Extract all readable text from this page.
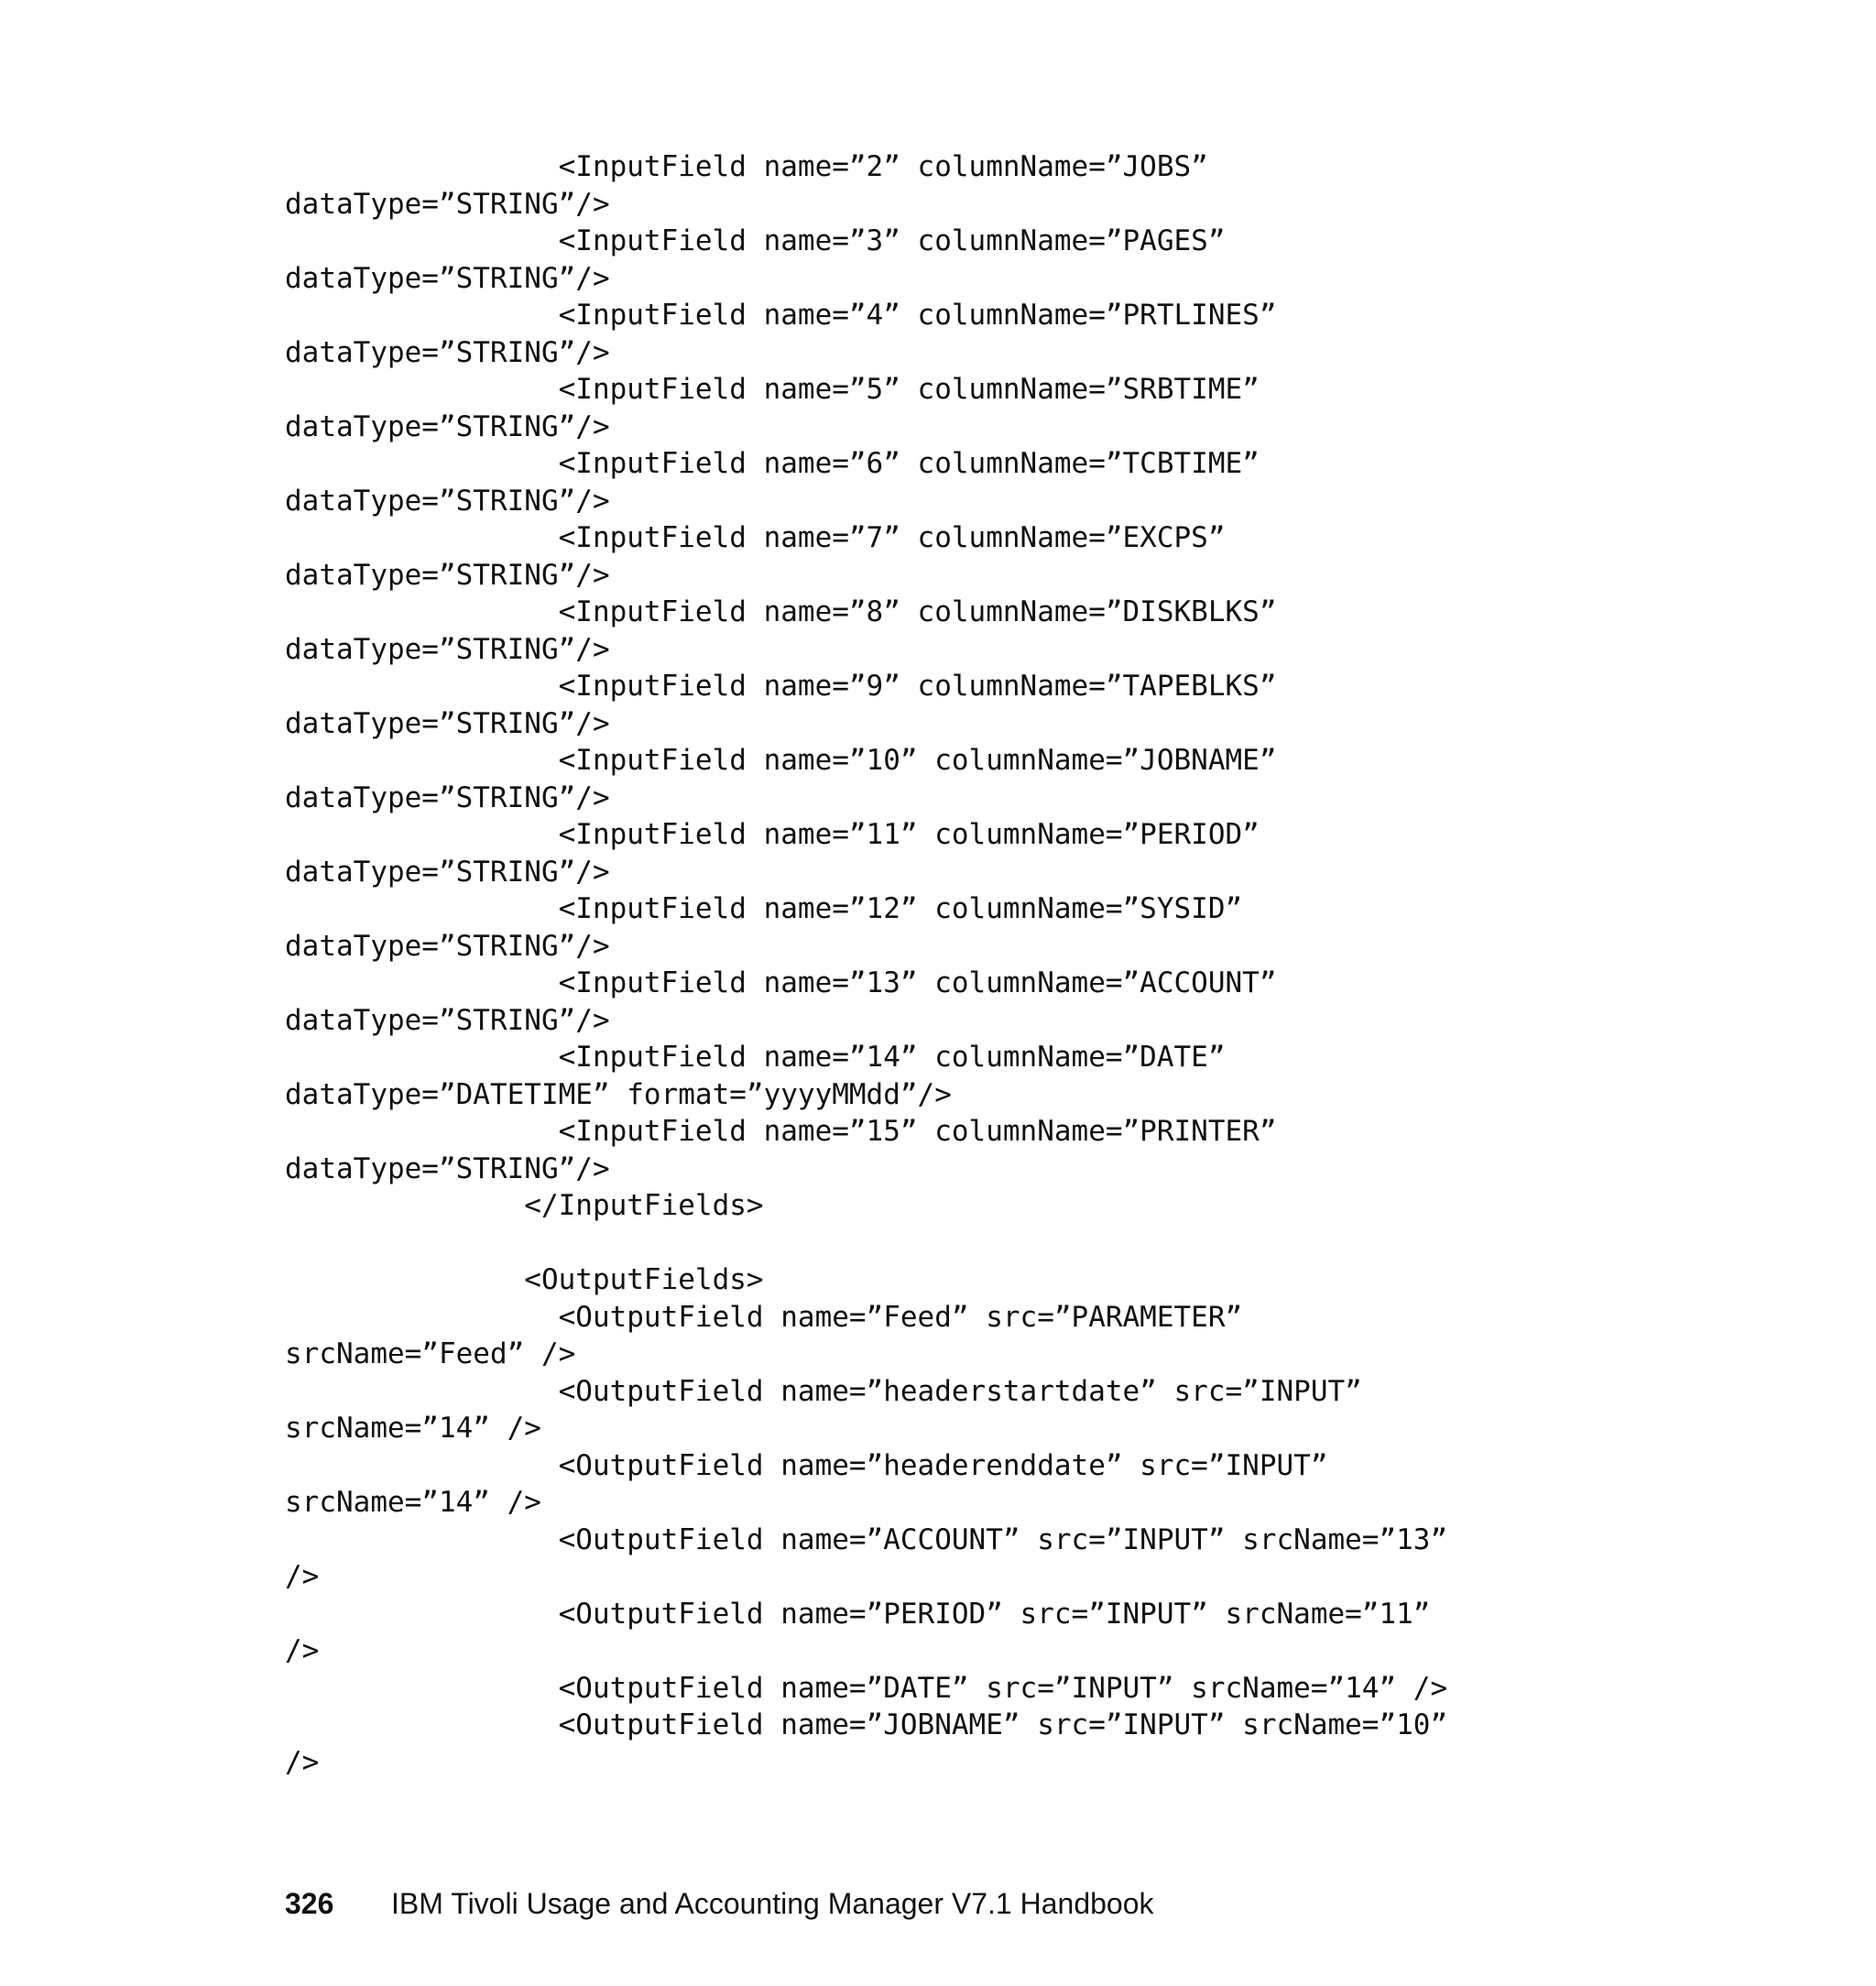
<InputField name=”2” columnName=”JOBS”
dataType=”STRING”/>
<InputField name=”3” columnName=”PAGES”
dataType=”STRING”/>
<InputField name=”4” columnName=”PRTLINES”
dataType=”STRING”/>
<InputField name=”5” columnName=”SRBTIME”
dataType=”STRING”/>
<InputField name=”6” columnName=”TCBTIME”
dataType=”STRING”/>
<InputField name=”7” columnName=”EXCPS”
dataType=”STRING”/>
<InputField name=”8” columnName=”DISKBLKS”
dataType=”STRING”/>
<InputField name=”9” columnName=”TAPEBLKS”
dataType=”STRING”/>
<InputField name=”10” columnName=”JOBNAME”
dataType=”STRING”/>
<InputField name=”11” columnName=”PERIOD”
dataType=”STRING”/>
<InputField name=”12” columnName=”SYSID”
dataType=”STRING”/>
<InputField name=”13” columnName=”ACCOUNT”
dataType=”STRING”/>
<InputField name=”14” columnName=”DATE”
dataType=”DATETIME” format=”yyyyMMdd”/>
<InputField name=”15” columnName=”PRINTER”
dataType=”STRING”/>
</InputFields>
<OutputFields>
<OutputField name=”Feed” src=”PARAMETER”
srcName=”Feed” />
<OutputField name=”headerstartdate” src=”INPUT”
srcName=”14” />
<OutputField name=”headerenddate” src=”INPUT”
srcName=”14” />
<OutputField name=”ACCOUNT” src=”INPUT” srcName=”13”
/>
<OutputField name=”PERIOD” src=”INPUT” srcName=”11”
/>
<OutputField name=”DATE” src=”INPUT” srcName=”14” />
<OutputField name=”JOBNAME” src=”INPUT” srcName=”10”
/>
326 IBM Tivoli Usage and Accounting Manager V7.1 Handbook
